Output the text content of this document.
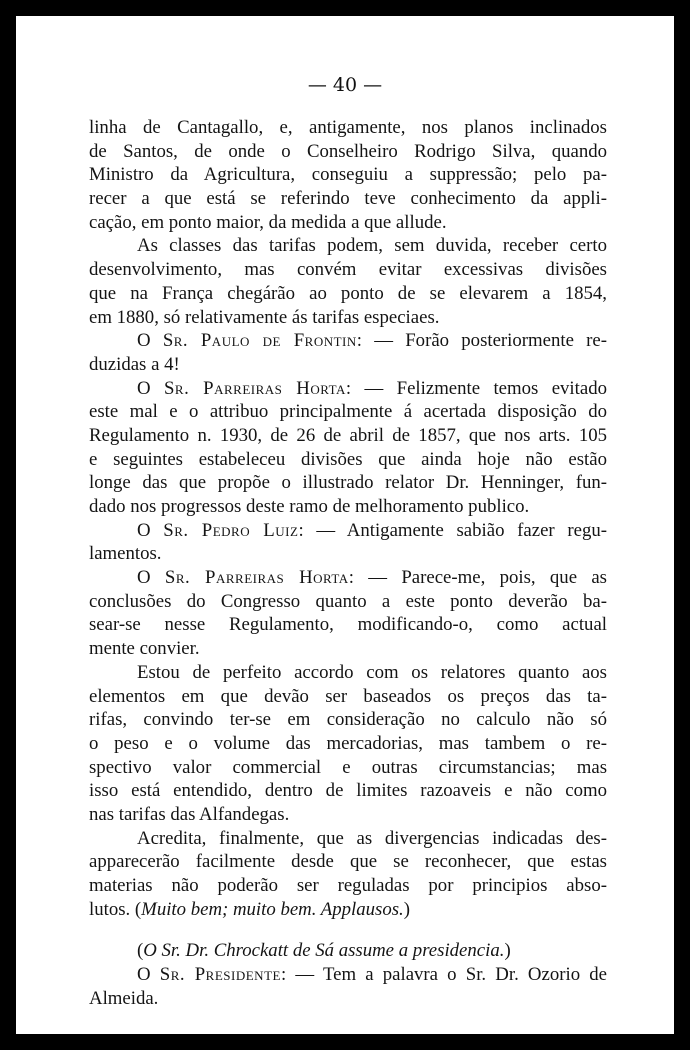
— 40 —
linha de Cantagallo, e, antigamente, nos planos inclinados
de Santos, de onde o Conselheiro Rodrigo Silva, quando
Ministro da Agricultura, conseguiu a suppressão; pelo pa-
recer a que está se referindo teve conhecimento da appli-
cação, em ponto maior, da medida a que allude.
As classes das tarifas podem, sem duvida, receber certo
desenvolvimento, mas convém evitar excessivas divisões
que na França chegárão ao ponto de se elevarem a 1854,
em 1880, só relativamente ás tarifas especiaes.
O Sr. Paulo de Frontin: — Forão posteriormente re-
duzidas a 4!
O Sr. Parreiras Horta: — Felizmente temos evitado
este mal e o attribuo principalmente á acertada disposição do
Regulamento n. 1930, de 26 de abril de 1857, que nos arts. 105
e seguintes estabeleceu divisões que ainda hoje não estão
longe das que propõe o illustrado relator Dr. Henninger, fun-
dado nos progressos deste ramo de melhoramento publico.
O Sr. Pedro Luiz: — Antigamente sabião fazer regu-
lamentos.
O Sr. Parreiras Horta: — Parece-me, pois, que as
conclusões do Congresso quanto a este ponto deverão ba-
sear-se nesse Regulamento, modificando-o, como actual
mente convier.
Estou de perfeito accordo com os relatores quanto aos
elementos em que devão ser baseados os preços das ta-
rifas, convindo ter-se em consideração no calculo não só
o peso e o volume das mercadorias, mas tambem o re-
spectivo valor commercial e outras circumstancias; mas
isso está entendido, dentro de limites razoaveis e não como
nas tarifas das Alfandegas.
Acredita, finalmente, que as divergencias indicadas des-
apparecerão facilmente desde que se reconhecer, que estas
materias não poderão ser reguladas por principios abso-
lutos. (Muito bem; muito bem. Applausos.)
(O Sr. Dr. Chrockatt de Sá assume a presidencia.)
O Sr. Presidente: — Tem a palavra o Sr. Dr. Ozorio de
Almeida.
